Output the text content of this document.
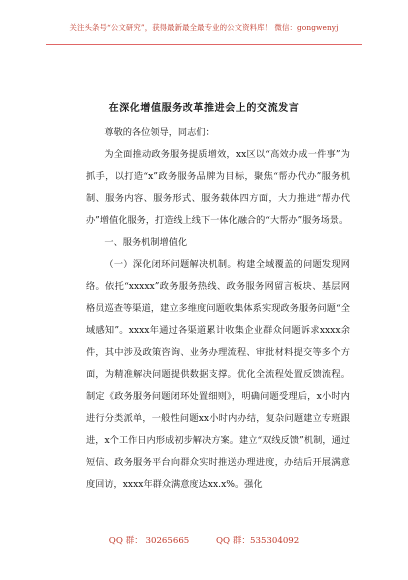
关注头条号“公文研究”，获得最新最全最专业的公文资料库！ 微信：gongwenyj
在深化增值服务改革推进会上的交流发言

尊敬的各位领导，同志们：

为全面推动政务服务提质增效，xx区以“高效办成一件事”为抓手，以打造“x”政务服务品牌为目标，聚焦“帮办代办”服务机制、服务内容、服务形式、服务载体四方面，大力推进“帮办代办”增值化服务，打造线上线下一体化融合的“大帮办”服务场景。

一、服务机制增值化

（一）深化闭环问题解决机制。构建全域覆盖的问题发现网络。依托“xxxxx”政务服务热线、政务服务网留言板块、基层网格员巡查等渠道，建立多维度问题收集体系实现政务服务问题“全域感知”。xxxx年通过各渠道累计收集企业群众问题诉求xxxx余件，其中涉及政策咨询、业务办理流程、审批材料提交等多个方面，为精准解决问题提供数据支撑。优化全流程处置反馈流程。制定《政务服务问题闭环处置细则》，明确问题受理后，x小时内进行分类派单，一般性问题xx小时内办结，复杂问题建立专班跟进，x个工作日内形成初步解决方案。建立“双线反馈”机制，通过短信、政务服务平台向群众实时推送办理进度，办结后开展满意度回访，xxxx年群众满意度达xx.x%。强化

QQ 群： 30265665	QQ 群：535304092
